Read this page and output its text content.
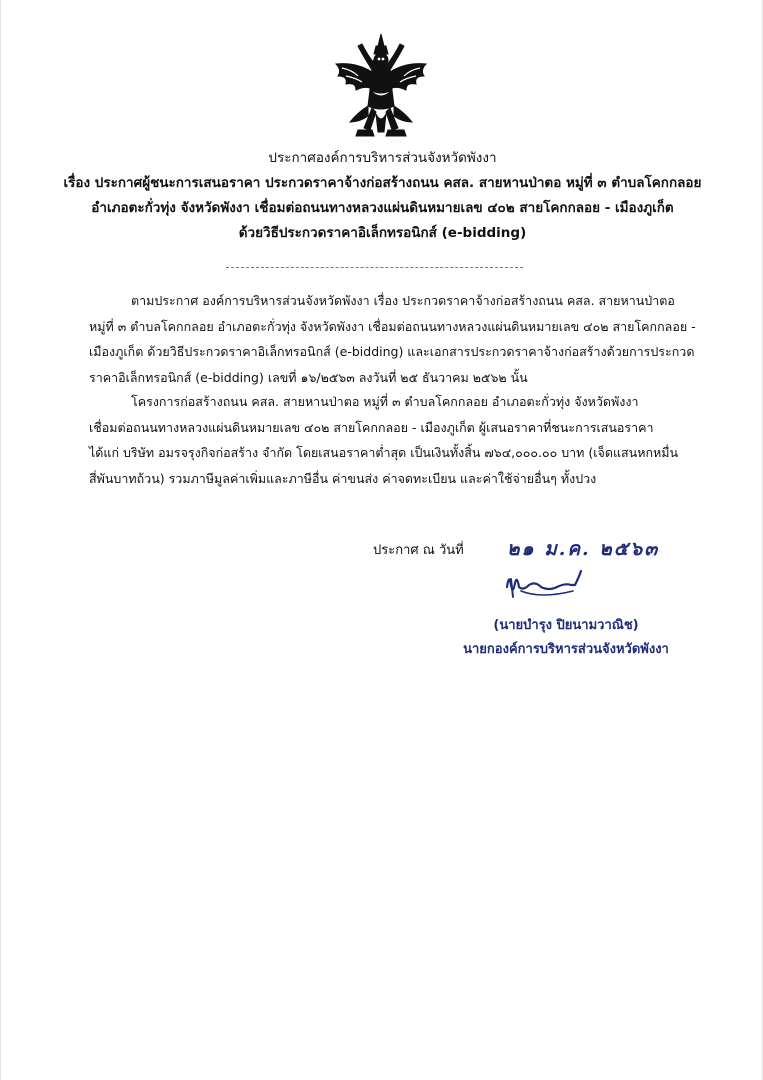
ประกาศองค์การบริหารส่วนจังหวัดพังงา
เรื่อง ประกาศผู้ชนะการเสนอราคา ประกวดราคาจ้างก่อสร้างถนน คสล. สายหานป่าตอ หมู่ที่ ๓ ตำบลโคกกลอย
อำเภอตะกั่วทุ่ง จังหวัดพังงา เชื่อมต่อถนนทางหลวงแผ่นดินหมายเลข ๔๐๒ สายโคกกลอย - เมืองภูเก็ต
ด้วยวิธีประกวดราคาอิเล็กทรอนิกส์ (e-bidding)
ตามประกาศ องค์การบริหารส่วนจังหวัดพังงา เรื่อง ประกวดราคาจ้างก่อสร้างถนน คสล. สายหานป่าตอ
หมู่ที่ ๓ ตำบลโคกกลอย อำเภอตะกั่วทุ่ง จังหวัดพังงา เชื่อมต่อถนนทางหลวงแผ่นดินหมายเลข ๔๐๒ สายโคกกลอย -
เมืองภูเก็ต ด้วยวิธีประกวดราคาอิเล็กทรอนิกส์ (e-bidding) และเอกสารประกวดราคาจ้างก่อสร้างด้วยการประกวด
ราคาอิเล็กทรอนิกส์ (e-bidding) เลขที่ ๑๖/๒๕๖๓ ลงวันที่ ๒๕ ธันวาคม ๒๕๖๒ นั้น
โครงการก่อสร้างถนน คสล. สายหานป่าตอ หมู่ที่ ๓ ตำบลโคกกลอย อำเภอตะกั่วทุ่ง จังหวัดพังงา
เชื่อมต่อถนนทางหลวงแผ่นดินหมายเลข ๔๐๒ สายโคกกลอย - เมืองภูเก็ต ผู้เสนอราคาที่ชนะการเสนอราคา
ได้แก่ บริษัท อมรจรุงกิจก่อสร้าง จำกัด โดยเสนอราคาต่ำสุด เป็นเงินทั้งสิ้น ๗๖๔,๐๐๐.๐๐ บาท (เจ็ดแสนหกหมื่น
สี่พันบาทถ้วน) รวมภาษีมูลค่าเพิ่มและภาษีอื่น ค่าขนส่ง ค่าจดทะเบียน และค่าใช้จ่ายอื่นๆ ทั้งปวง
ประกาศ ณ วันที่ ๒๑ ม.ค. ๒๕๖๓
(นายบำรุง ปิยนามวาณิช)
นายกองค์การบริหารส่วนจังหวัดพังงา
